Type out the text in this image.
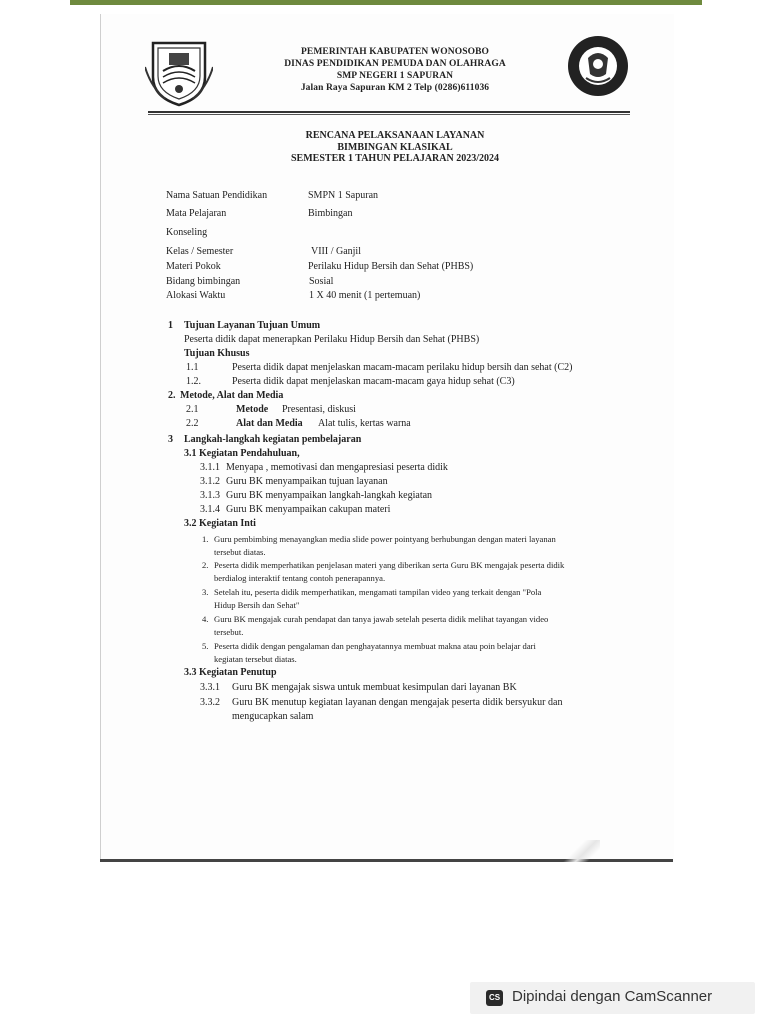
PEMERINTAH KABUPATEN WONOSOBO
DINAS PENDIDIKAN PEMUDA DAN OLAHRAGA
SMP NEGERI 1 SAPURAN
Jalan Raya Sapuran KM 2 Telp (0286)611036
RENCANA PELAKSANAAN LAYANAN
BIMBINGAN KLASIKAL
SEMESTER 1 TAHUN PELAJARAN 2023/2024
Nama Satuan Pendidikan	SMPN 1 Sapuran
Mata Pelajaran	Bimbingan
Konseling
Kelas / Semester	VIII / Ganjil
Materi Pokok	Perilaku Hidup Bersih dan Sehat (PHBS)
Bidang bimbingan	Sosial
Alokasi Waktu	1 X 40 menit (1 pertemuan)
1 Tujuan Layanan Tujuan Umum
Peserta didik dapat menerapkan Perilaku Hidup Bersih dan Sehat (PHBS)
Tujuan Khusus
1.1	Peserta didik dapat menjelaskan macam-macam perilaku hidup bersih dan sehat (C2)
1.2.	Peserta didik dapat menjelaskan macam-macam gaya hidup sehat (C3)
2. Metode, Alat dan Media
2.1	Metode Presentasi, diskusi
2.2	Alat dan Media Alat tulis, kertas warna
3 Langkah-langkah kegiatan pembelajaran
3.1 Kegiatan Pendahuluan,
3.1.1 Menyapa , memotivasi dan mengapresiasi peserta didik
3.1.2 Guru BK menyampaikan tujuan layanan
3.1.3 Guru BK menyampaikan langkah-langkah kegiatan
3.1.4 Guru BK menyampaikan cakupan materi
3.2 Kegiatan Inti
1. Guru pembimbing menayangkan media slide power pointyang berhubungan dengan materi layanan
tersebut diatas.
2. Peserta didik memperhatikan penjelasan materi yang diberikan serta Guru BK mengajak peserta didik
berdialog interaktif tentang contoh penerapannya.
3. Setelah itu, peserta didik memperhatikan, mengamati tampilan video yang terkait dengan "Pola
Hidup Bersih dan Sehat"
4. Guru BK mengajak curah pendapat dan tanya jawab setelah peserta didik melihat tayangan video
tersebut.
5. Peserta didik dengan pengalaman dan penghayatannya membuat makna atau poin belajar dari
kegiatan tersebut diatas.
3.3 Kegiatan Penutup
3.3.1 Guru BK mengajak siswa untuk membuat kesimpulan dari layanan BK
3.3.2 Guru BK menutup kegiatan layanan dengan mengajak peserta didik bersyukur dan
mengucapkan salam
CS Dipindai dengan CamScanner
